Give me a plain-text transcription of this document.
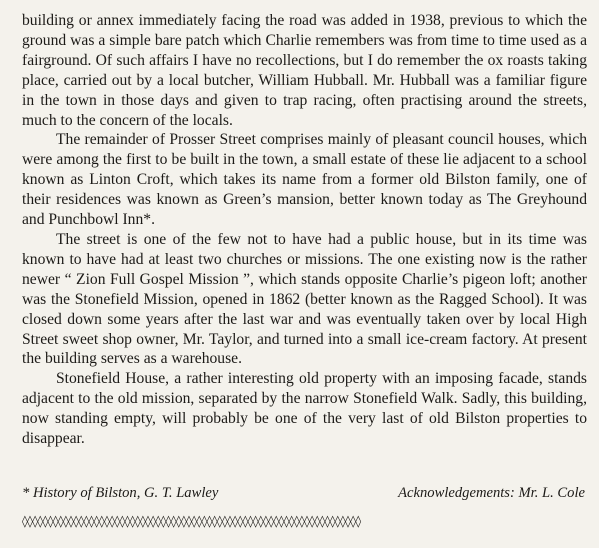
building or annex immediately facing the road was added in 1938, previous to which the ground was a simple bare patch which Charlie remembers was from time to time used as a fairground. Of such affairs I have no recollections, but I do remember the ox roasts taking place, carried out by a local butcher, William Hubball. Mr. Hubball was a familiar figure in the town in those days and given to trap racing, often practising around the streets, much to the concern of the locals.

The remainder of Prosser Street comprises mainly of pleasant council houses, which were among the first to be built in the town, a small estate of these lie adjacent to a school known as Linton Croft, which takes its name from a former old Bilston family, one of their residences was known as Green’s mansion, better known today as The Greyhound and Punchbowl Inn*.

The street is one of the few not to have had a public house, but in its time was known to have had at least two churches or missions. The one existing now is the rather newer “ Zion Full Gospel Mission ”, which stands opposite Charlie’s pigeon loft; another was the Stonefield Mission, opened in 1862 (better known as the Ragged School). It was closed down some years after the last war and was eventually taken over by local High Street sweet shop owner, Mr. Taylor, and turned into a small ice-cream factory. At present the building serves as a warehouse.

Stonefield House, a rather interesting old property with an imposing facade, stands adjacent to the old mission, separated by the narrow Stonefield Walk. Sadly, this building, now standing empty, will probably be one of the very last of old Bilston properties to disappear.

* History of Bilston, G. T. Lawley	Acknowledgements: Mr. L. Cole
◊◊◊◊◊◊◊◊◊◊◊◊◊◊◊◊◊◊◊◊◊◊◊◊◊◊◊◊◊◊◊◊◊◊◊◊◊◊◊◊◊◊◊◊◊◊◊◊◊◊◊◊◊◊◊◊◊◊◊◊◊◊◊◊◊◊
